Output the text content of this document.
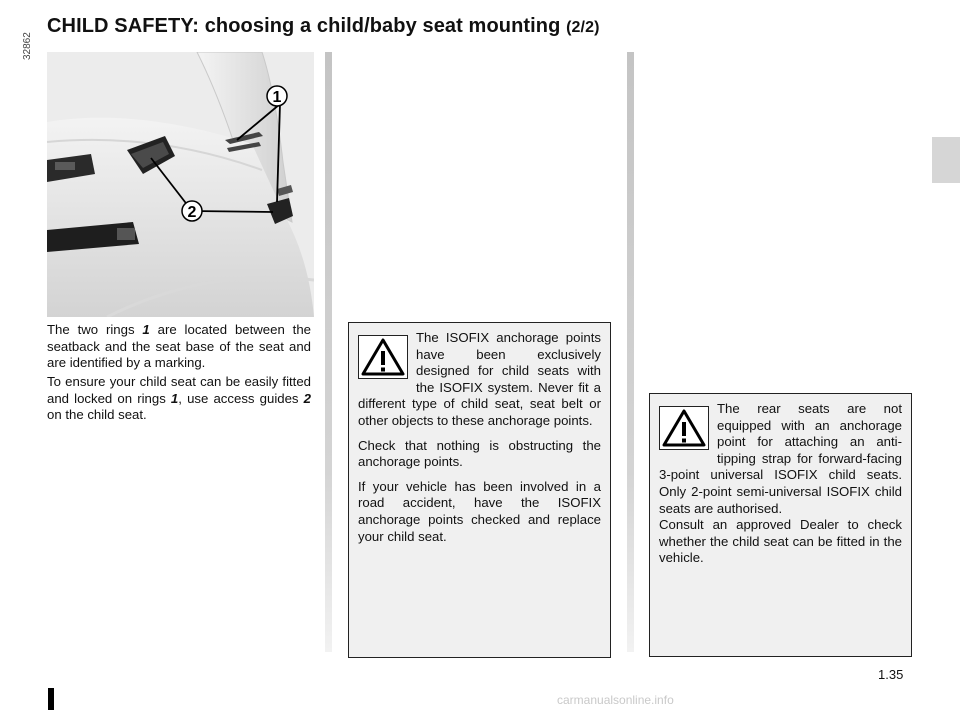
CHILD SAFETY: choosing a child/baby seat mounting (2/2)
32862
1
2

The two rings 1 are located between the seatback and the seat base of the seat and are identified by a marking.

To ensure your child seat can be easily fitted and locked on rings 1, use access guides 2 on the child seat.

The ISOFIX anchorage points have been exclusively designed for child seats with the ISOFIX system. Never fit a different type of child seat, seat belt or other objects to these anchorage points.

Check that nothing is obstructing the anchorage points.

If your vehicle has been involved in a road accident, have the ISOFIX anchorage points checked and replace your child seat.

The rear seats are not equipped with an anchorage point for attaching an anti-tipping strap for forward-facing 3-point universal ISOFIX child seats. Only 2-point semi-universal ISOFIX child seats are authorised.

Consult an approved Dealer to check whether the child seat can be fitted in the vehicle.

1.35
carmanualsonline.info
